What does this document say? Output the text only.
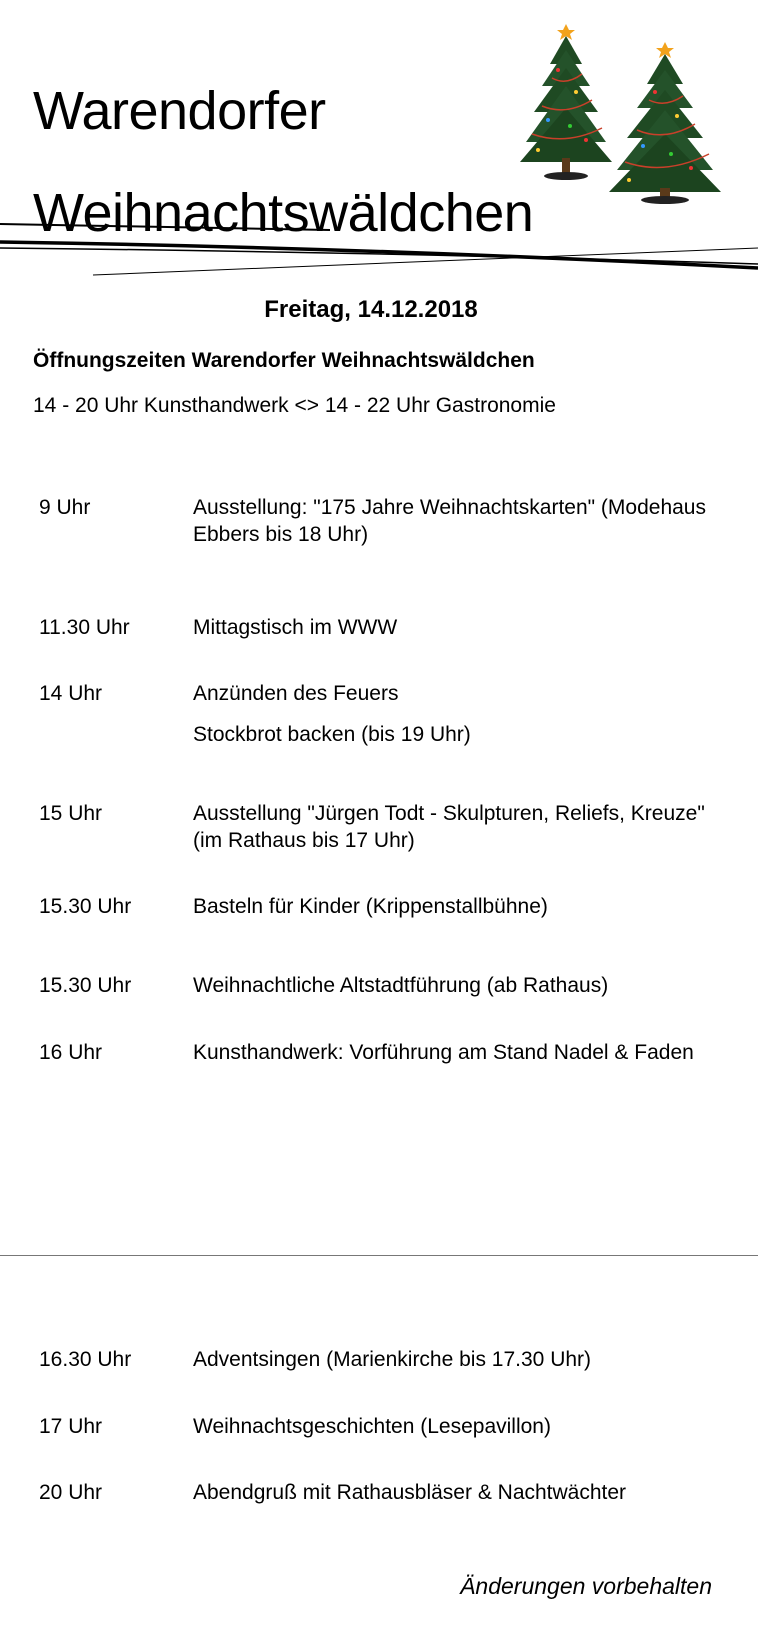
Warendorfer
Weihnachtswäldchen
Freitag, 14.12.2018
Öffnungszeiten Warendorfer Weihnachtswäldchen
14 - 20 Uhr Kunsthandwerk <> 14 - 22 Uhr Gastronomie
9 Uhr	Ausstellung: "175 Jahre Weihnachtskarten" (Modehaus Ebbers bis 18 Uhr)
11.30 Uhr	Mittagstisch im WWW
14 Uhr	Anzünden des Feuers
Stockbrot backen (bis 19 Uhr)
15 Uhr	Ausstellung "Jürgen Todt - Skulpturen, Reliefs, Kreuze" (im Rathaus bis 17 Uhr)
15.30 Uhr	Basteln für Kinder (Krippenstallbühne)
15.30 Uhr	Weihnachtliche Altstadtführung (ab Rathaus)
16 Uhr	Kunsthandwerk: Vorführung am Stand Nadel & Faden
16.30 Uhr	Adventsingen (Marienkirche bis 17.30 Uhr)
17 Uhr	Weihnachtsgeschichten (Lesepavillon)
20 Uhr	Abendgruß mit Rathausbläser & Nachtwächter
Änderungen vorbehalten
